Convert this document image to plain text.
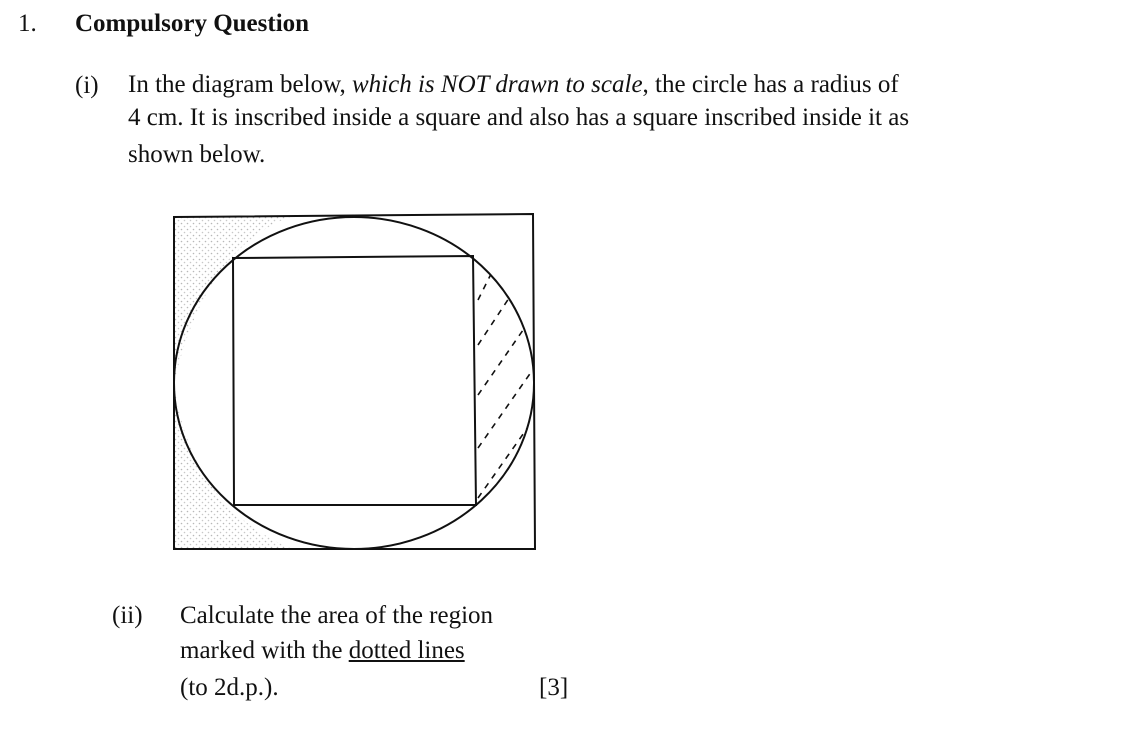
1. Compulsory Question
(i) In the diagram below, which is NOT drawn to scale, the circle has a radius of
4 cm. It is inscribed inside a square and also has a square inscribed inside it as
shown below.
(ii) Calculate the area of the region
marked with the dotted lines
(to 2d.p.).	[3]
